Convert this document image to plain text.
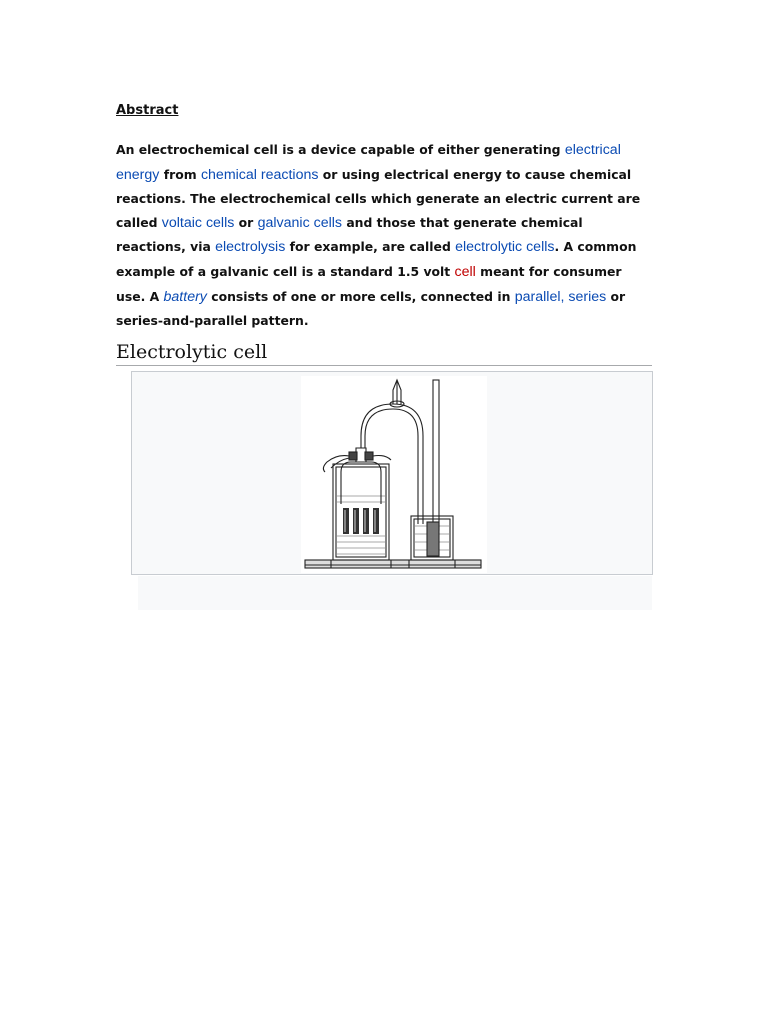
Abstract
An electrochemical cell is a device capable of either generating electrical energy from chemical reactions or using electrical energy to cause chemical reactions. The electrochemical cells which generate an electric current are called voltaic cells or galvanic cells and those that generate chemical reactions, via electrolysis for example, are called electrolytic cells. A common example of a galvanic cell is a standard 1.5 volt cell meant for consumer use. A battery consists of one or more cells, connected in parallel, series or series-and-parallel pattern.
Electrolytic cell
